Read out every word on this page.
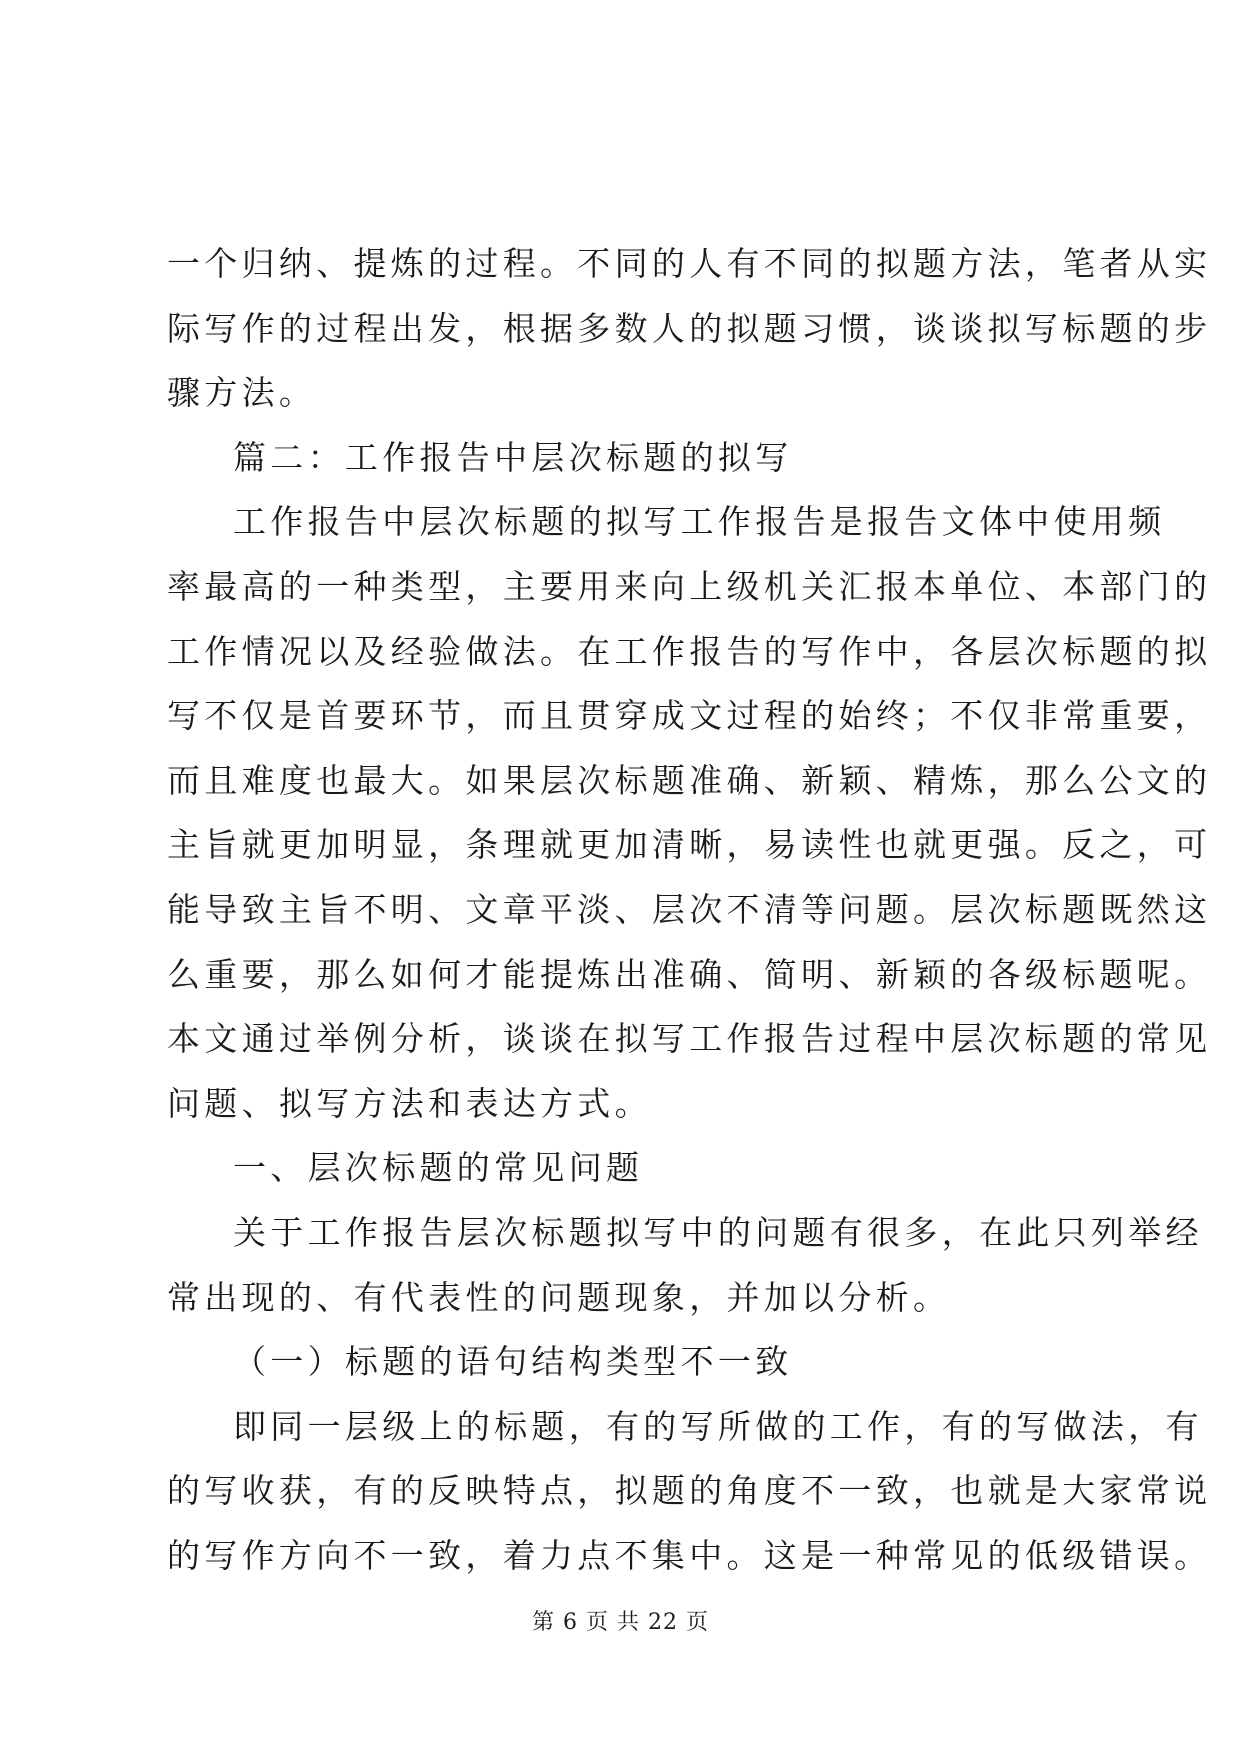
一个归纳、提炼的过程。不同的人有不同的拟题方法，笔者从实
际写作的过程出发，根据多数人的拟题习惯，谈谈拟写标题的步
骤方法。
篇二：工作报告中层次标题的拟写
工作报告中层次标题的拟写工作报告是报告文体中使用频
率最高的一种类型，主要用来向上级机关汇报本单位、本部门的
工作情况以及经验做法。在工作报告的写作中，各层次标题的拟
写不仅是首要环节，而且贯穿成文过程的始终；不仅非常重要，
而且难度也最大。如果层次标题准确、新颖、精炼，那么公文的
主旨就更加明显，条理就更加清晰，易读性也就更强。反之，可
能导致主旨不明、文章平淡、层次不清等问题。层次标题既然这
么重要，那么如何才能提炼出准确、简明、新颖的各级标题呢。
本文通过举例分析，谈谈在拟写工作报告过程中层次标题的常见
问题、拟写方法和表达方式。
一、层次标题的常见问题
关于工作报告层次标题拟写中的问题有很多，在此只列举经
常出现的、有代表性的问题现象，并加以分析。
（一）标题的语句结构类型不一致
即同一层级上的标题，有的写所做的工作，有的写做法，有
的写收获，有的反映特点，拟题的角度不一致，也就是大家常说
的写作方向不一致，着力点不集中。这是一种常见的低级错误。
第 6 页 共 22 页
